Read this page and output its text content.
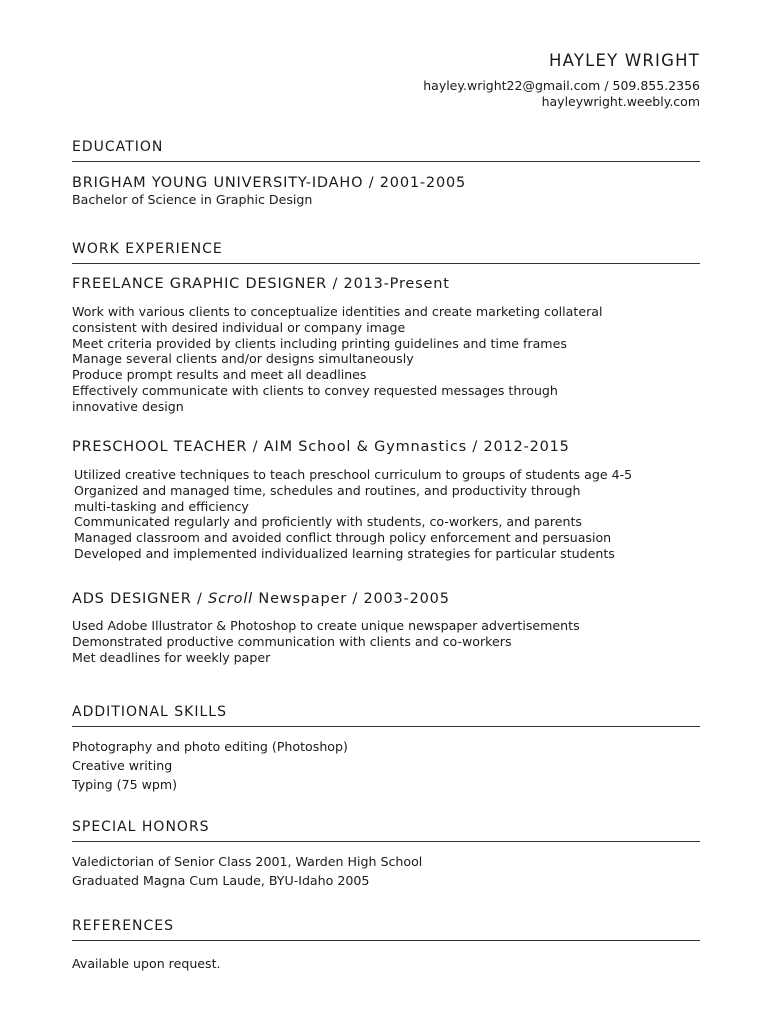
HAYLEY WRIGHT
hayley.wright22@gmail.com / 509.855.2356
hayleywright.weebly.com
EDUCATION
BRIGHAM YOUNG UNIVERSITY-IDAHO / 2001-2005
Bachelor of Science in Graphic Design
WORK EXPERIENCE
FREELANCE GRAPHIC DESIGNER / 2013-Present
Work with various clients to conceptualize identities and create marketing collateral
consistent with desired individual or company image
Meet criteria provided by clients including printing guidelines and time frames
Manage several clients and/or designs simultaneously
Produce prompt results and meet all deadlines
Effectively communicate with clients to convey requested messages through
innovative design
PRESCHOOL TEACHER / AIM School & Gymnastics / 2012-2015
Utilized creative techniques to teach preschool curriculum to groups of students age 4-5
Organized and managed time, schedules and routines, and productivity through
multi-tasking and efficiency
Communicated regularly and proficiently with students, co-workers, and parents
Managed classroom and avoided conflict through policy enforcement and persuasion
Developed and implemented individualized learning strategies for particular students
ADS DESIGNER / Scroll Newspaper / 2003-2005
Used Adobe Illustrator & Photoshop to create unique newspaper advertisements
Demonstrated productive communication with clients and co-workers
Met deadlines for weekly paper
ADDITIONAL SKILLS
Photography and photo editing (Photoshop)
Creative writing
Typing (75 wpm)
SPECIAL HONORS
Valedictorian of Senior Class 2001, Warden High School
Graduated Magna Cum Laude, BYU-Idaho 2005
REFERENCES
Available upon request.
